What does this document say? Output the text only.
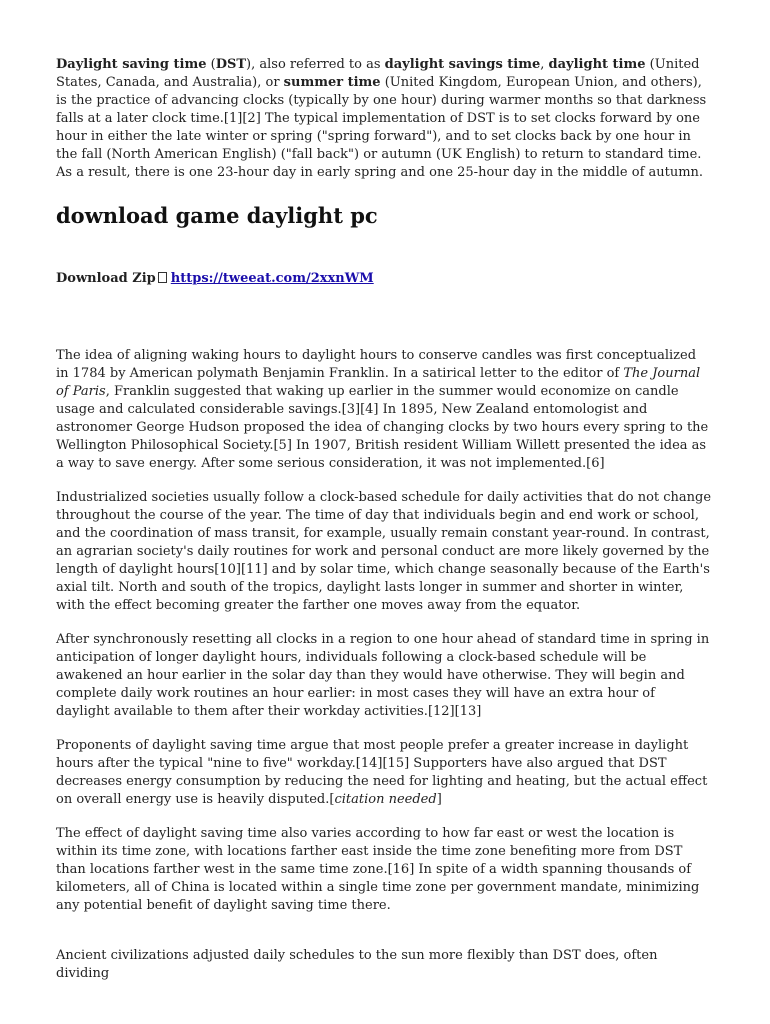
Daylight saving time (DST), also referred to as daylight savings time, daylight time (United States, Canada, and Australia), or summer time (United Kingdom, European Union, and others), is the practice of advancing clocks (typically by one hour) during warmer months so that darkness falls at a later clock time.[1][2] The typical implementation of DST is to set clocks forward by one hour in either the late winter or spring ("spring forward"), and to set clocks back by one hour in the fall (North American English) ("fall back") or autumn (UK English) to return to standard time. As a result, there is one 23-hour day in early spring and one 25-hour day in the middle of autumn.

download game daylight pc
Download Zip https://tweeat.com/2xxnWM

The idea of aligning waking hours to daylight hours to conserve candles was first conceptualized in 1784 by American polymath Benjamin Franklin. In a satirical letter to the editor of The Journal of Paris, Franklin suggested that waking up earlier in the summer would economize on candle usage and calculated considerable savings.[3][4] In 1895, New Zealand entomologist and astronomer George Hudson proposed the idea of changing clocks by two hours every spring to the Wellington Philosophical Society.[5] In 1907, British resident William Willett presented the idea as a way to save energy. After some serious consideration, it was not implemented.[6]

Industrialized societies usually follow a clock-based schedule for daily activities that do not change throughout the course of the year. The time of day that individuals begin and end work or school, and the coordination of mass transit, for example, usually remain constant year-round. In contrast, an agrarian society's daily routines for work and personal conduct are more likely governed by the length of daylight hours[10][11] and by solar time, which change seasonally because of the Earth's axial tilt. North and south of the tropics, daylight lasts longer in summer and shorter in winter, with the effect becoming greater the farther one moves away from the equator.

After synchronously resetting all clocks in a region to one hour ahead of standard time in spring in anticipation of longer daylight hours, individuals following a clock-based schedule will be awakened an hour earlier in the solar day than they would have otherwise. They will begin and complete daily work routines an hour earlier: in most cases they will have an extra hour of daylight available to them after their workday activities.[12][13]

Proponents of daylight saving time argue that most people prefer a greater increase in daylight hours after the typical "nine to five" workday.[14][15] Supporters have also argued that DST decreases energy consumption by reducing the need for lighting and heating, but the actual effect on overall energy use is heavily disputed.[citation needed]

The effect of daylight saving time also varies according to how far east or west the location is within its time zone, with locations farther east inside the time zone benefiting more from DST than locations farther west in the same time zone.[16] In spite of a width spanning thousands of kilometers, all of China is located within a single time zone per government mandate, minimizing any potential benefit of daylight saving time there.

Ancient civilizations adjusted daily schedules to the sun more flexibly than DST does, often dividing
